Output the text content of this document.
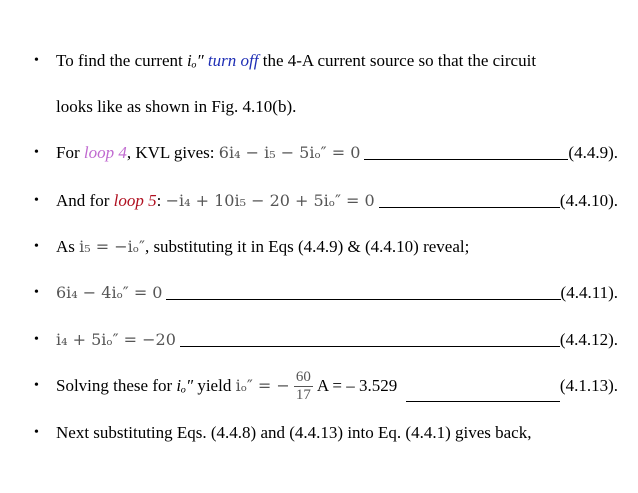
•	To find the current iₒ″
turn off the 4-A current source so that the circuit
looks like as shown in Fig. 4.10(b).
•	For loop 4 , KVL gives: 6i₄ − i₅ − 5iₒ″ = 0	(4.4.9).
•	And for loop 5 : −i₄ + 10i₅ − 20 + 5iₒ″ = 0	(4.4.10).
•	As i₅ = −iₒ″ , substituting it in Eqs (4.4.9) & (4.4.10) reveal;
•	6i₄ − 4iₒ″ = 0	(4.4.11).
•	i₄ + 5iₒ″ = −20	(4.4.12).
•	Solving these for iₒ″ yield iₒ″ = − $\frac{60}{17}$ A = – 3.529	(4.1.13).
•	Next substituting Eqs. (4.4.8) and (4.4.13) into Eq. (4.4.1) gives back,
